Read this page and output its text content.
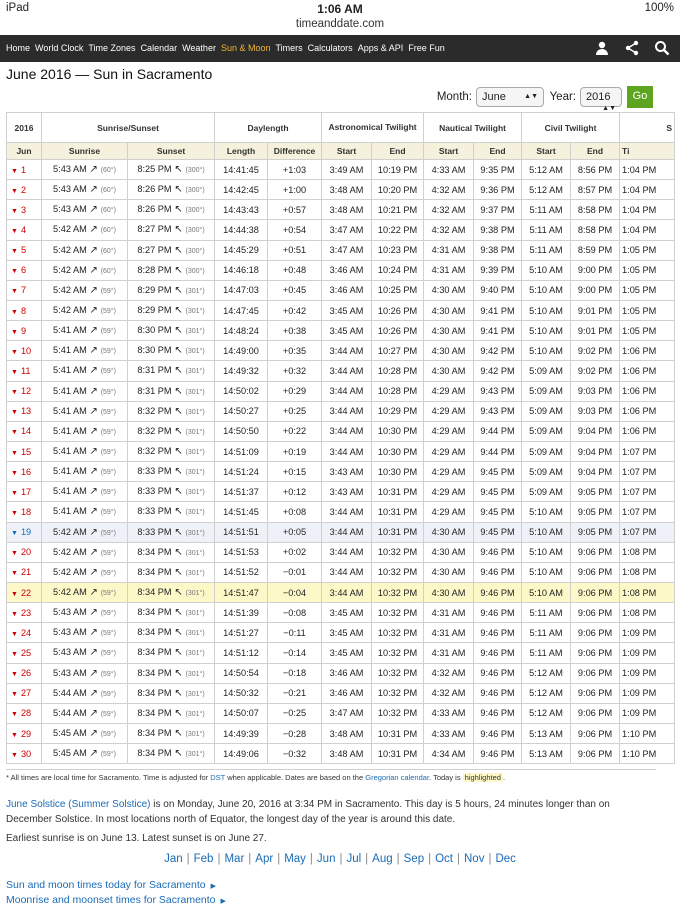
iPad	1:06 AM	100%
timeanddate.com
Home World Clock Time Zones Calendar Weather Sun & Moon Timers Calculators Apps & API Free Fun
June 2016 — Sun in Sacramento
Month: June	▲▼ Year: 2016
▲▼
Go
2016	Sunrise/Sunset		Daylength		Astronomical Twilight		Nautical Twilight		Civil Twilight		S
Jun	Sunrise	Sunset	Length	Difference	Start	End	Start	End	Start	End	Ti
▼ 1	5:43 AM ↗ (60°)	8:25 PM ↖ (300°)	14:41:45	+1:03	3:49 AM	10:19 PM	4:33 AM	9:35 PM	5:12 AM	8:56 PM	1:04 PM
▼ 2	5:43 AM ↗ (60°)	8:26 PM ↖ (300°)	14:42:45	+1:00	3:48 AM	10:20 PM	4:32 AM	9:36 PM	5:12 AM	8:57 PM	1:04 PM
▼ 3	5:43 AM ↗ (60°)	8:26 PM ↖ (300°)	14:43:43	+0:57	3:48 AM	10:21 PM	4:32 AM	9:37 PM	5:11 AM	8:58 PM	1:04 PM
▼ 4	5:42 AM ↗ (60°)	8:27 PM ↖ (300°)	14:44:38	+0:54	3:47 AM	10:22 PM	4:32 AM	9:38 PM	5:11 AM	8:58 PM	1:04 PM
▼ 5	5:42 AM ↗ (60°)	8:27 PM ↖ (300°)	14:45:29	+0:51	3:47 AM	10:23 PM	4:31 AM	9:38 PM	5:11 AM	8:59 PM	1:05 PM
▼ 6	5:42 AM ↗ (60°)	8:28 PM ↖ (300°)	14:46:18	+0:48	3:46 AM	10:24 PM	4:31 AM	9:39 PM	5:10 AM	9:00 PM	1:05 PM
▼ 7	5:42 AM ↗ (59°)	8:29 PM ↖ (301°)	14:47:03	+0:45	3:46 AM	10:25 PM	4:30 AM	9:40 PM	5:10 AM	9:00 PM	1:05 PM
▼ 8	5:42 AM ↗ (59°)	8:29 PM ↖ (301°)	14:47:45	+0:42	3:45 AM	10:26 PM	4:30 AM	9:41 PM	5:10 AM	9:01 PM	1:05 PM
▼ 9	5:41 AM ↗ (59°)	8:30 PM ↖ (301°)	14:48:24	+0:38	3:45 AM	10:26 PM	4:30 AM	9:41 PM	5:10 AM	9:01 PM	1:05 PM
▼ 10	5:41 AM ↗ (59°)	8:30 PM ↖ (301°)	14:49:00	+0:35	3:44 AM	10:27 PM	4:30 AM	9:42 PM	5:10 AM	9:02 PM	1:06 PM
▼ 11	5:41 AM ↗ (59°)	8:31 PM ↖ (301°)	14:49:32	+0:32	3:44 AM	10:28 PM	4:30 AM	9:42 PM	5:09 AM	9:02 PM	1:06 PM
▼ 12	5:41 AM ↗ (59°)	8:31 PM ↖ (301°)	14:50:02	+0:29	3:44 AM	10:28 PM	4:29 AM	9:43 PM	5:09 AM	9:03 PM	1:06 PM
▼ 13	5:41 AM ↗ (59°)	8:32 PM ↖ (301°)	14:50:27	+0:25	3:44 AM	10:29 PM	4:29 AM	9:43 PM	5:09 AM	9:03 PM	1:06 PM
▼ 14	5:41 AM ↗ (59°)	8:32 PM ↖ (301°)	14:50:50	+0:22	3:44 AM	10:30 PM	4:29 AM	9:44 PM	5:09 AM	9:04 PM	1:06 PM
▼ 15	5:41 AM ↗ (59°)	8:32 PM ↖ (301°)	14:51:09	+0:19	3:44 AM	10:30 PM	4:29 AM	9:44 PM	5:09 AM	9:04 PM	1:07 PM
▼ 16	5:41 AM ↗ (59°)	8:33 PM ↖ (301°)	14:51:24	+0:15	3:43 AM	10:30 PM	4:29 AM	9:45 PM	5:09 AM	9:04 PM	1:07 PM
▼ 17	5:41 AM ↗ (59°)	8:33 PM ↖ (301°)	14:51:37	+0:12	3:43 AM	10:31 PM	4:29 AM	9:45 PM	5:09 AM	9:05 PM	1:07 PM
▼ 18	5:41 AM ↗ (59°)	8:33 PM ↖ (301°)	14:51:45	+0:08	3:44 AM	10:31 PM	4:29 AM	9:45 PM	5:10 AM	9:05 PM	1:07 PM
▼ 19	5:42 AM ↗ (59°)	8:33 PM ↖ (301°)	14:51:51	+0:05	3:44 AM	10:31 PM	4:30 AM	9:45 PM	5:10 AM	9:05 PM	1:07 PM
▼ 20	5:42 AM ↗ (59°)	8:34 PM ↖ (301°)	14:51:53	+0:02	3:44 AM	10:32 PM	4:30 AM	9:46 PM	5:10 AM	9:06 PM	1:08 PM
▼ 21	5:42 AM ↗ (59°)	8:34 PM ↖ (301°)	14:51:52	−0:01	3:44 AM	10:32 PM	4:30 AM	9:46 PM	5:10 AM	9:06 PM	1:08 PM
▼ 22	5:42 AM ↗ (59°)	8:34 PM ↖ (301°)	14:51:47	−0:04	3:44 AM	10:32 PM	4:30 AM	9:46 PM	5:10 AM	9:06 PM	1:08 PM
▼ 23	5:43 AM ↗ (59°)	8:34 PM ↖ (301°)	14:51:39	−0:08	3:45 AM	10:32 PM	4:31 AM	9:46 PM	5:11 AM	9:06 PM	1:08 PM
▼ 24	5:43 AM ↗ (59°)	8:34 PM ↖ (301°)	14:51:27	−0:11	3:45 AM	10:32 PM	4:31 AM	9:46 PM	5:11 AM	9:06 PM	1:09 PM
▼ 25	5:43 AM ↗ (59°)	8:34 PM ↖ (301°)	14:51:12	−0:14	3:45 AM	10:32 PM	4:31 AM	9:46 PM	5:11 AM	9:06 PM	1:09 PM
▼ 26	5:43 AM ↗ (59°)	8:34 PM ↖ (301°)	14:50:54	−0:18	3:46 AM	10:32 PM	4:32 AM	9:46 PM	5:12 AM	9:06 PM	1:09 PM
▼ 27	5:44 AM ↗ (59°)	8:34 PM ↖ (301°)	14:50:32	−0:21	3:46 AM	10:32 PM	4:32 AM	9:46 PM	5:12 AM	9:06 PM	1:09 PM
▼ 28	5:44 AM ↗ (59°)	8:34 PM ↖ (301°)	14:50:07	−0:25	3:47 AM	10:32 PM	4:33 AM	9:46 PM	5:12 AM	9:06 PM	1:09 PM
▼ 29	5:45 AM ↗ (59°)	8:34 PM ↖ (301°)	14:49:39	−0:28	3:48 AM	10:31 PM	4:33 AM	9:46 PM	5:13 AM	9:06 PM	1:10 PM
▼ 30	5:45 AM ↗ (59°)	8:34 PM ↖ (301°)	14:49:06	−0:32	3:48 AM	10:31 PM	4:34 AM	9:46 PM	5:13 AM	9:06 PM	1:10 PM
* All times are local time for Sacramento. Time is adjusted for DST when applicable. Dates are based on the Gregorian calendar. Today is highlighted .
June Solstice (Summer Solstice) is on Monday, June 20, 2016 at 3:34 PM in Sacramento. This day is 5 hours, 24 minutes longer than on December Solstice. In most locations north of Equator, the longest day of the year is around this date.
Earliest sunrise is on June 13. Latest sunset is on June 27.
Jan | Feb | Mar | Apr | May | Jun | Jul | Aug | Sep | Oct | Nov | Dec
Sun and moon times today for Sacramento ▶
Moonrise and moonset times for Sacramento ▶
